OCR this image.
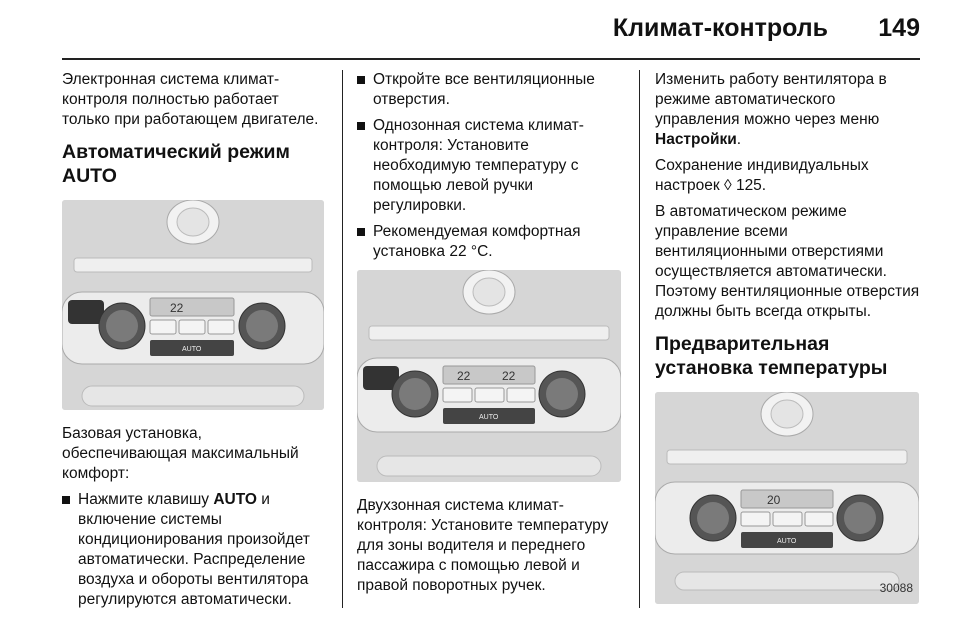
Климат-контроль 149

Электронная система климат-контроля полностью работает только при работающем двигателе.

Автоматический режим AUTO
22
AUTO

Базовая установка, обеспечивающая максимальный комфорт:

Нажмите клавишу AUTO и включение системы кондиционирования произойдет автоматически. Распределение воздуха и обороты вентилятора регулируются автоматически.
Откройте все вентиляционные отверстия.
Однозонная система климат-контроля: Установите необходимую температуру с помощью левой ручки регулировки.
Рекомендуемая комфортная установка 22 °C.
22	22
AUTO

Двухзонная система климат-контроля: Установите температуру для зоны водителя и переднего пассажира с помощью левой и правой поворотных ручек.

Изменить работу вентилятора в режиме автоматического управления можно через меню Настройки.

Сохранение индивидуальных настроек ◊ 125.

В автоматическом режиме управление всеми вентиляционными отверстиями осуществляется автоматически. Поэтому вентиляционные отверстия должны быть всегда открыты.

Предварительная установка температуры
20
AUTO
30088
